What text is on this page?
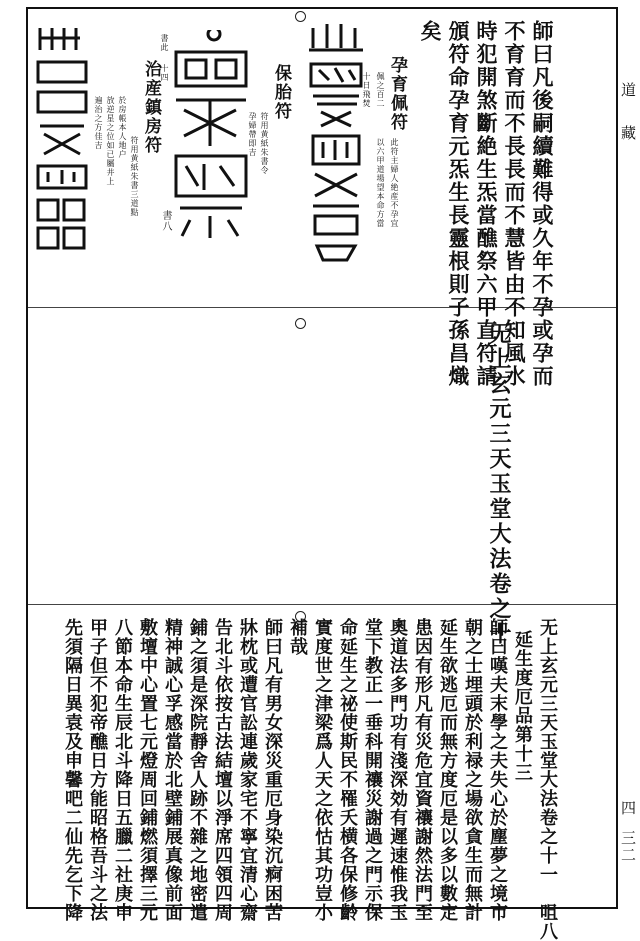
道
藏
四
三二
師曰凡後嗣續難得或久年不孕或孕而
不育育而不長長而不慧皆由不知風水
時犯開煞斷絶生炁當醮祭六甲直符請
頒符命孕育元炁生長靈根則子孫昌熾
矣
孕育佩符
此符主婦人絶産不孕宜
佩之百二
以六甲道場望本命方當
十日飛焚
保胎符
符用黄紙朱書令
孕婦帶即吉
書八
治産鎮房符
符用黄紙朱書三道點
於房帳本人地户
放逆星之位如已屬井上
遍治之方佳吉
書此
十四
无上玄元三天玉堂大法卷之十
无上玄元三天玉堂大法卷之十一　咀八
延生度厄品第十三
師曰嘆夫末學之夫失心於塵夢之境市
朝之士埋頭於利禄之場欲貪生而無計
延生欲逃厄而無方度厄是以多以數定
患因有形凡有災危宜資禳謝然法門至
奧道法多門功有淺深効有遲速惟我玉
堂下教正一垂科開禳災謝過之門示保
命延生之祕使斯民不罹夭横各保修齡
實度世之津梁爲人天之依怙其功豈小
補哉
師曰凡有男女深災重厄身染沉痾困苦
牀枕或遭官訟連歲家宅不寧宜清心齋
告北斗依按古法結壇以淨席四領四周
鋪之須是深院靜舍人跡不雜之地密遣
精神誠心孚感當於北壁鋪展真像前面
敷壇中心置七元燈周回鋪燃須擇三元
八節本命生辰北斗降日五臘二社庚申
甲子但不犯帝醮日方能昭格吾斗之法
先須隔日異袁及申馨吧二仙先乞下降
